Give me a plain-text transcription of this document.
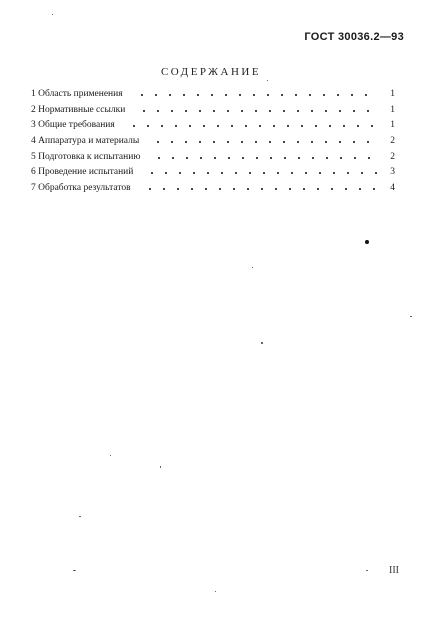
ГОСТ 30036.2—93
СОДЕРЖАНИЕ
1 Область применения	1
2 Нормативные ссылки	1
3 Общие требования	1
4 Аппаратура и материалы	2
5 Подготовка к испытанию	2
6 Проведение испытаний	3
7 Обработка результатов	4
III
